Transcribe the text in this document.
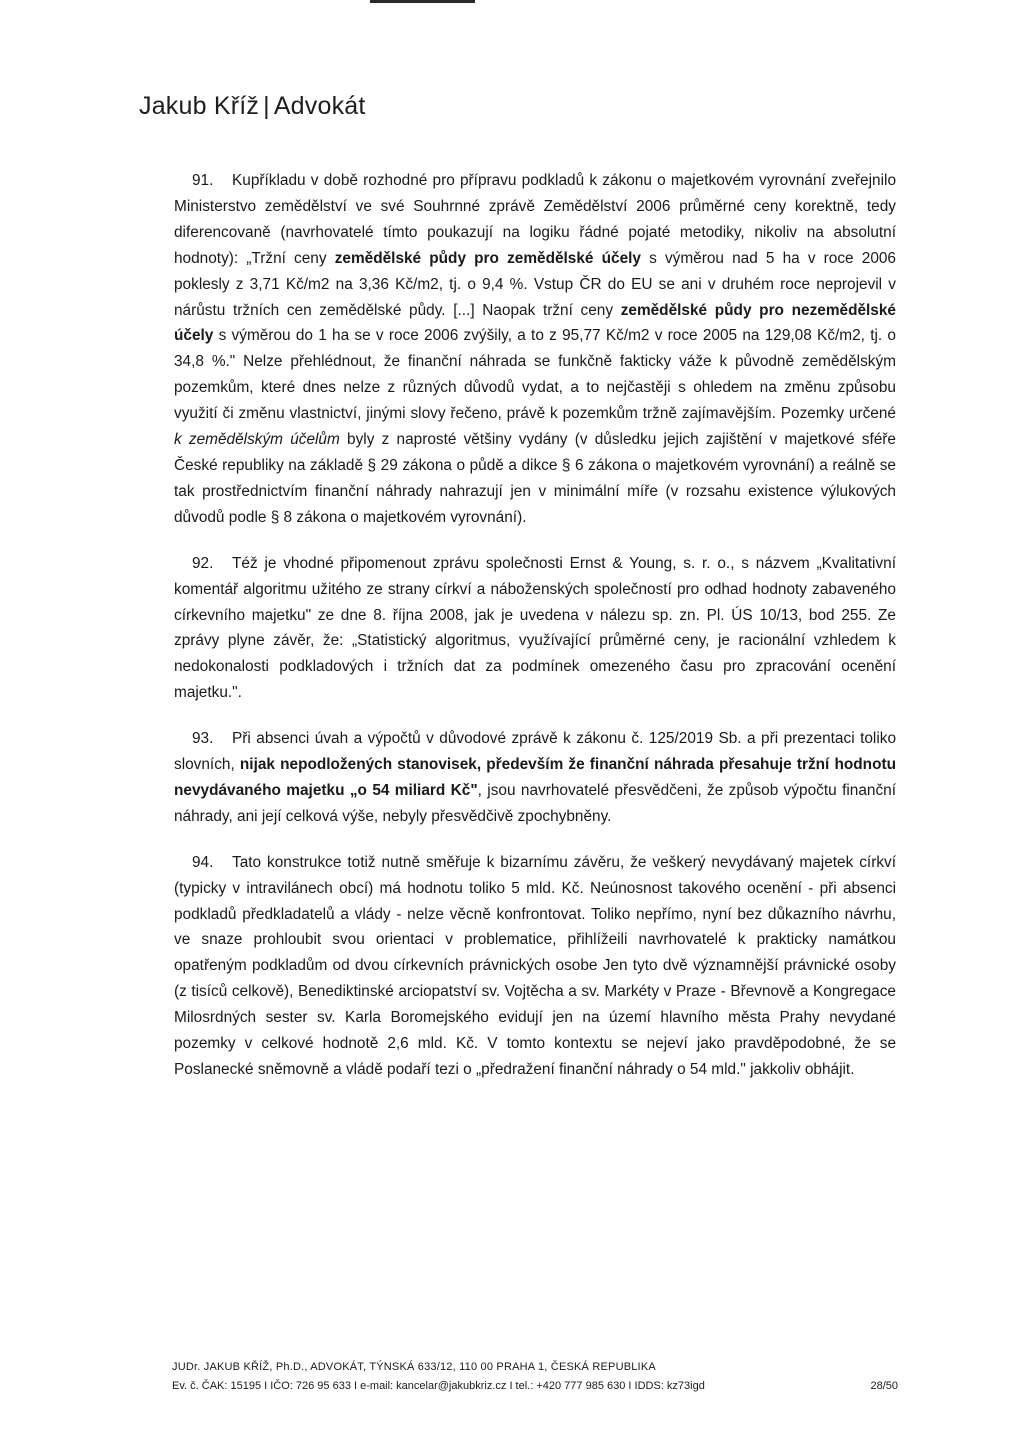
Jakub Kříž | Advokát

91. Kupříkladu v době rozhodné pro přípravu podkladů k zákonu o majetkovém vyrovnání zveřejnilo Ministerstvo zemědělství ve své Souhrnné zprávě Zemědělství 2006 průměrné ceny korektně, tedy diferencovaně (navrhovatelé tímto poukazují na logiku řádné pojaté metodiky, nikoliv na absolutní hodnoty): „Tržní ceny zemědělské půdy pro zemědělské účely s výměrou nad 5 ha v roce 2006 poklesly z 3,71 Kč/m2 na 3,36 Kč/m2, tj. o 9,4 %. Vstup ČR do EU se ani v druhém roce neprojevil v nárůstu tržních cen zemědělské půdy. [...] Naopak tržní ceny zemědělské půdy pro nezemědělské účely s výměrou do 1 ha se v roce 2006 zvýšily, a to z 95,77 Kč/m2 v roce 2005 na 129,08 Kč/m2, tj. o 34,8 %." Nelze přehlédnout, že finanční náhrada se funkčně fakticky váže k původně zemědělským pozemkům, které dnes nelze z různých důvodů vydat, a to nejčastěji s ohledem na změnu způsobu využití či změnu vlastnictví, jinými slovy řečeno, právě k pozemkům tržně zajímavějším. Pozemky určené k zemědělským účelům byly z naprosté většiny vydány (v důsledku jejich zajištění v majetkové sféře České republiky na základě § 29 zákona o půdě a dikce § 6 zákona o majetkovém vyrovnání) a reálně se tak prostřednictvím finanční náhrady nahrazují jen v minimální míře (v rozsahu existence výlukových důvodů podle § 8 zákona o majetkovém vyrovnání).

92. Též je vhodné připomenout zprávu společnosti Ernst & Young, s. r. o., s názvem „Kvalitativní komentář algoritmu užitého ze strany církví a náboženských společností pro odhad hodnoty zabaveného církevního majetku" ze dne 8. října 2008, jak je uvedena v nálezu sp. zn. Pl. ÚS 10/13, bod 255. Ze zprávy plyne závěr, že: „Statistický algoritmus, využívající průměrné ceny, je racionální vzhledem k nedokonalosti podkladových i tržních dat za podmínek omezeného času pro zpracování ocenění majetku.".

93. Při absenci úvah a výpočtů v důvodové zprávě k zákonu č. 125/2019 Sb. a při prezentaci toliko slovních, nijak nepodložených stanovisek, především že finanční náhrada přesahuje tržní hodnotu nevydávaného majetku „o 54 miliard Kč", jsou navrhovatelé přesvědčeni, že způsob výpočtu finanční náhrady, ani její celková výše, nebyly přesvědčivě zpochybněny.

94. Tato konstrukce totiž nutně směřuje k bizarnímu závěru, že veškerý nevydávaný majetek církví (typicky v intravilánech obcí) má hodnotu toliko 5 mld. Kč. Neúnosnost takového ocenění - při absenci podkladů předkladatelů a vlády - nelze věcně konfrontovat. Toliko nepřímo, nyní bez důkazního návrhu, ve snaze prohloubit svou orientaci v problematice, přihlížeili navrhovatelé k prakticky namátkou opatřeným podkladům od dvou církevních právnických osobe Jen tyto dvě významnější právnické osoby (z tisíců celkově), Benediktinské arciopatství sv. Vojtěcha a sv. Markéty v Praze - Břevnově a Kongregace Milosrdných sester sv. Karla Boromejského evidují jen na území hlavního města Prahy nevydané pozemky v celkové hodnotě 2,6 mld. Kč. V tomto kontextu se nejeví jako pravděpodobné, že se Poslanecké sněmovně a vládě podaří tezi o „předražení finanční náhrady o 54 mld." jakkoliv obhájit.

JUDr. JAKUB KŘÍŽ, Ph.D., ADVOKÁT, TÝNSKÁ 633/12, 110 00 PRAHA 1, ČESKÁ REPUBLIKA
Ev. č. ČAK: 15195 I IČO: 726 95 633 I e-mail: kancelar@jakubkriz.cz I tel.: +420 777 985 630 I IDDS: kz73igd	28/50
